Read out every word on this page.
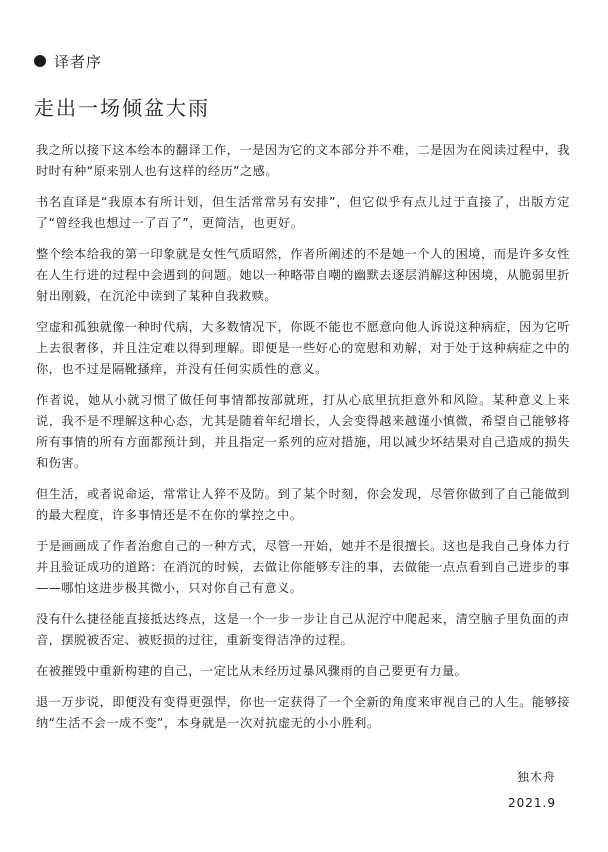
译者序
走出一场倾盆大雨

我之所以接下这本绘本的翻译工作，一是因为它的文本部分并不难，二是因为在阅读过程中，我时时有种“原来别人也有这样的经历”之感。

书名直译是“我原本有所计划，但生活常常另有安排”，但它似乎有点儿过于直接了，出版方定了“曾经我也想过一了百了”，更简洁，也更好。

整个绘本给我的第一印象就是女性气质昭然，作者所阐述的不是她一个人的困境，而是许多女性在人生行进的过程中会遇到的问题。她以一种略带自嘲的幽默去逐层消解这种困境，从脆弱里折射出刚毅，在沉沦中读到了某种自我救赎。

空虚和孤独就像一种时代病，大多数情况下，你既不能也不愿意向他人诉说这种病症，因为它听上去很奢侈，并且注定难以得到理解。即便是一些好心的宽慰和劝解，对于处于这种病症之中的你，也不过是隔靴搔痒，并没有任何实质性的意义。

作者说，她从小就习惯了做任何事情都按部就班，打从心底里抗拒意外和风险。某种意义上来说，我不是不理解这种心态，尤其是随着年纪增长，人会变得越来越谨小慎微，希望自己能够将所有事情的所有方面都预计到，并且指定一系列的应对措施，用以减少坏结果对自己造成的损失和伤害。

但生活，或者说命运，常常让人猝不及防。到了某个时刻，你会发现，尽管你做到了自己能做到的最大程度，许多事情还是不在你的掌控之中。

于是画画成了作者治愈自己的一种方式，尽管一开始，她并不是很擅长。这也是我自己身体力行并且验证成功的道路：在消沉的时候，去做让你能够专注的事，去做能一点点看到自己进步的事——哪怕这进步极其微小，只对你自己有意义。

没有什么捷径能直接抵达终点，这是一个一步一步让自己从泥泞中爬起来，清空脑子里负面的声音，摆脱被否定、被贬损的过往，重新变得洁净的过程。

在被摧毁中重新构建的自己，一定比从未经历过暴风骤雨的自己要更有力量。

退一万步说，即便没有变得更强悍，你也一定获得了一个全新的角度来审视自己的人生。能够接纳“生活不会一成不变”，本身就是一次对抗虚无的小小胜利。

独木舟
2021.9
